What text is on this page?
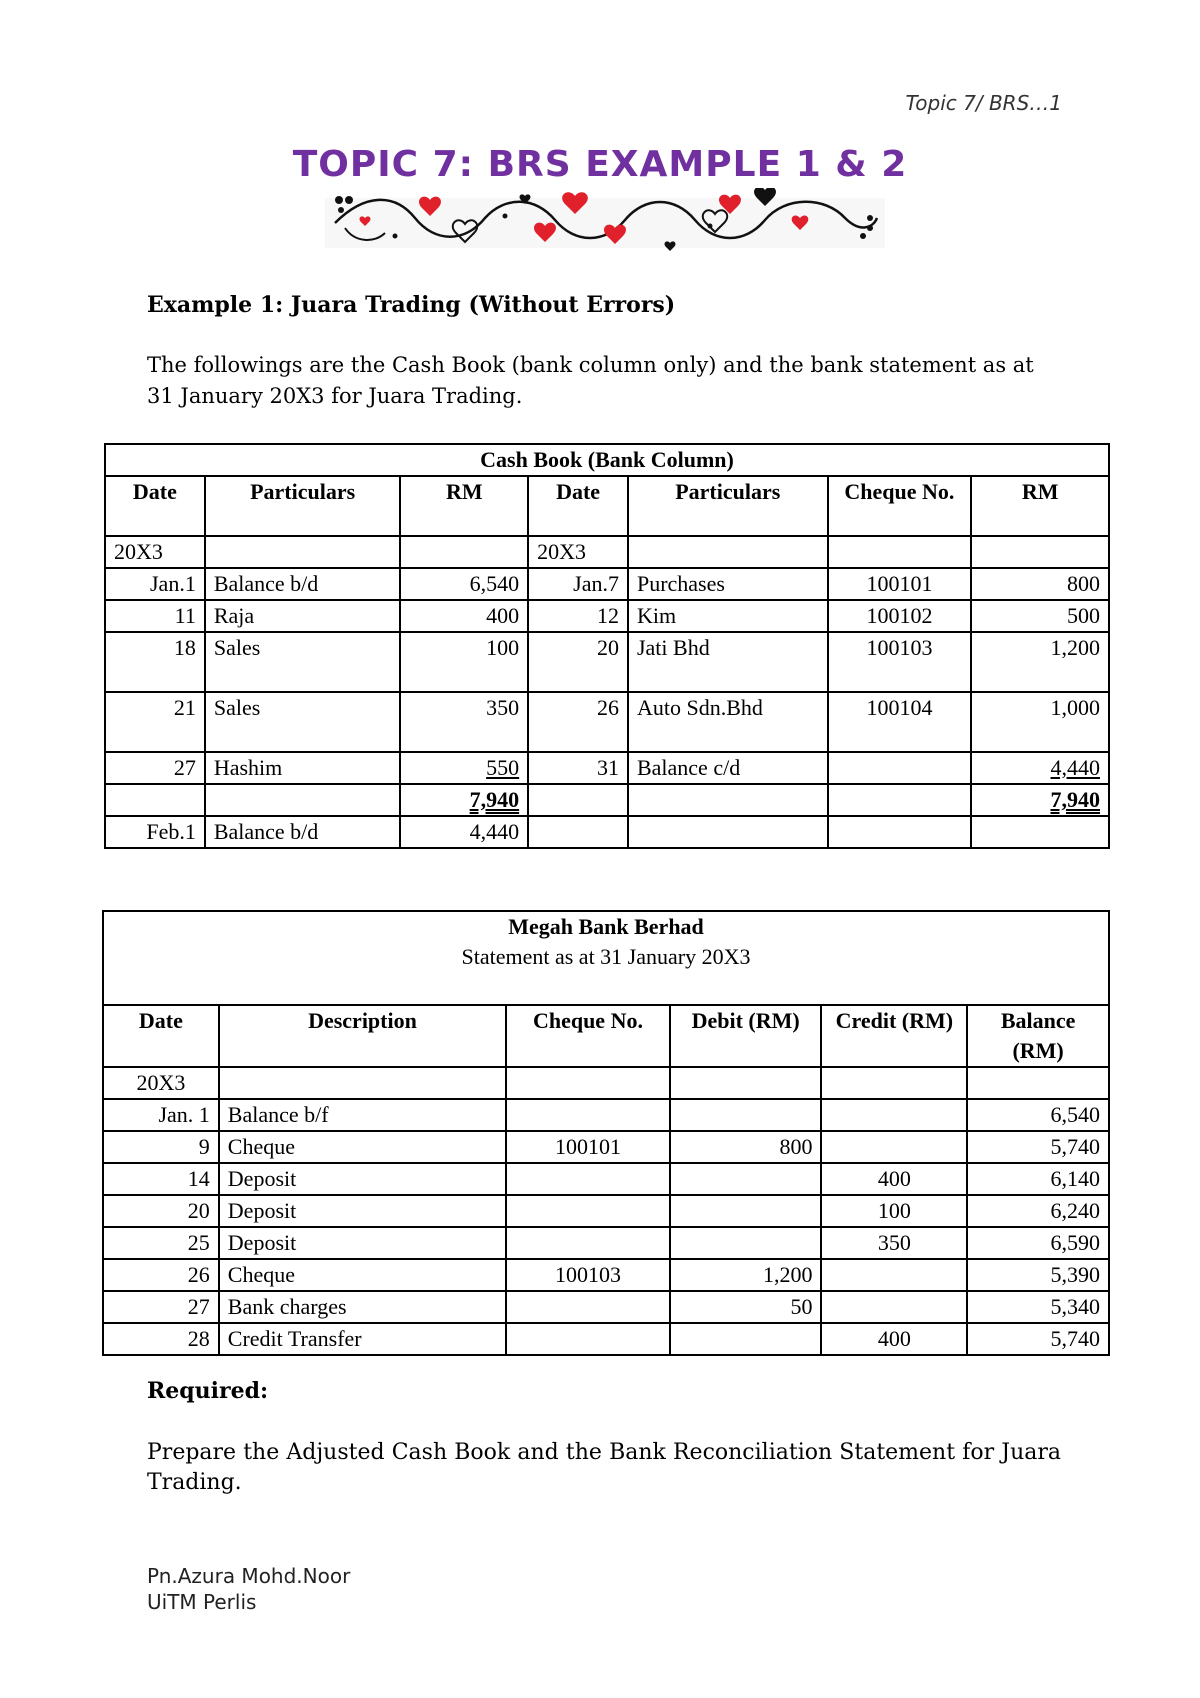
Topic 7/ BRS…1
TOPIC 7: BRS EXAMPLE 1 & 2
Example 1: Juara Trading (Without Errors)
The followings are the Cash Book (bank column only) and the bank statement as at 31 January 20X3 for Juara Trading.
Cash Book (Bank Column)						
Date	Particulars	RM	Date	Particulars	Cheque No.	RM
20X3			20X3			
Jan.1	Balance b/d	6,540	Jan.7	Purchases	100101	800
11	Raja	400	12	Kim	100102	500
18	Sales	100	20	Jati Bhd	100103	1,200
21	Sales	350	26	Auto Sdn.Bhd	100104	1,000
27	Hashim	550	31	Balance c/d		4,440
		7,940				7,940
Feb.1	Balance b/d	4,440				
Megah Bank Berhad
Statement as at 31 January 20X3					

Date	Description	Cheque No.	Debit (RM)	Credit (RM)	Balance (RM)
20X3					
Jan. 1	Balance b/f				6,540
9	Cheque	100101	800		5,740
14	Deposit			400	6,140
20	Deposit			100	6,240
25	Deposit			350	6,590
26	Cheque	100103	1,200		5,390
27	Bank charges		50		5,340
28	Credit Transfer			400	5,740
Required:
Prepare the Adjusted Cash Book and the Bank Reconciliation Statement for Juara Trading.
Pn.Azura Mohd.Noor
UiTM Perlis
